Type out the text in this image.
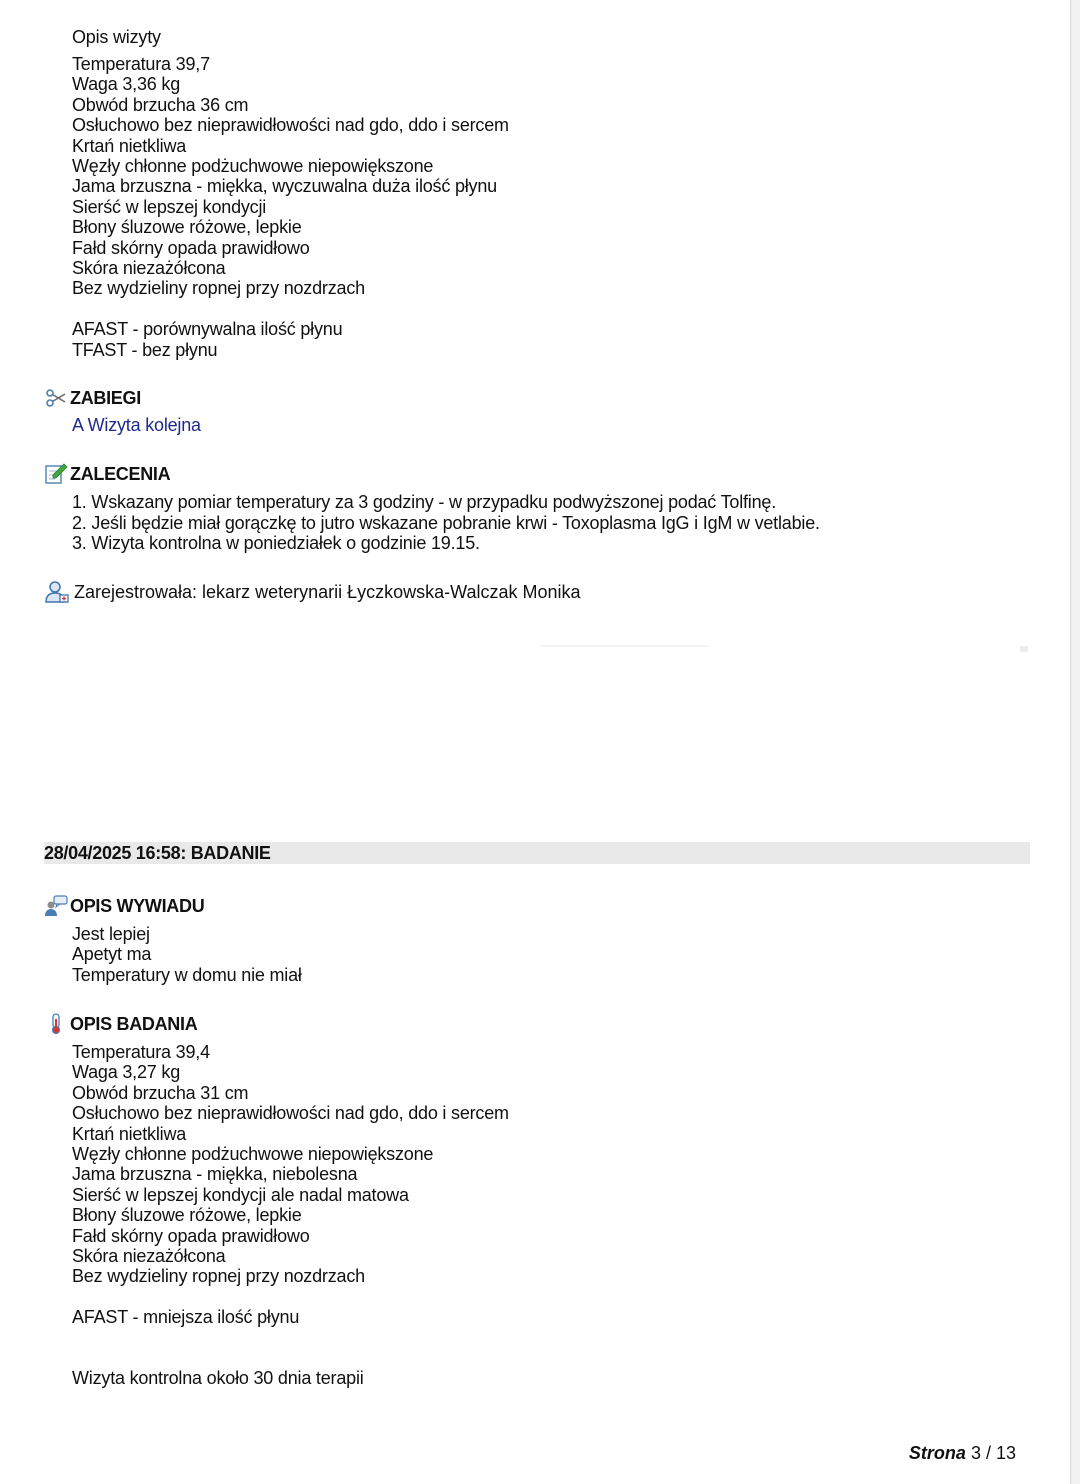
Opis wizyty
Temperatura 39,7
Waga 3,36 kg
Obwód brzucha 36 cm
Osłuchowo bez nieprawidłowości nad gdo, ddo i sercem
Krtań nietkliwa
Węzły chłonne podżuchwowe niepowiększone
Jama brzuszna - miękka, wyczuwalna duża ilość płynu
Sierść w lepszej kondycji
Błony śluzowe różowe, lepkie
Fałd skórny opada prawidłowo
Skóra niezażółcona
Bez wydzieliny ropnej przy nozdrzach
AFAST - porównywalna ilość płynu
TFAST - bez płynu
ZABIEGI
A Wizyta kolejna
ZALECENIA
1. Wskazany pomiar temperatury za 3 godziny - w przypadku podwyższonej podać Tolfinę.
2. Jeśli będzie miał gorączkę to jutro wskazane pobranie krwi - Toxoplasma IgG i IgM w vetlabie.
3. Wizyta kontrolna w poniedziałek o godzinie 19.15.
Zarejestrowała: lekarz weterynarii Łyczkowska-Walczak Monika
28/04/2025 16:58: BADANIE
OPIS WYWIADU
Jest lepiej
Apetyt ma
Temperatury w domu nie miał
OPIS BADANIA
Temperatura 39,4
Waga 3,27 kg
Obwód brzucha 31 cm
Osłuchowo bez nieprawidłowości nad gdo, ddo i sercem
Krtań nietkliwa
Węzły chłonne podżuchwowe niepowiększone
Jama brzuszna - miękka, niebolesna
Sierść w lepszej kondycji ale nadal matowa
Błony śluzowe różowe, lepkie
Fałd skórny opada prawidłowo
Skóra niezażółcona
Bez wydzieliny ropnej przy nozdrzach
AFAST - mniejsza ilość płynu
Wizyta kontrolna około 30 dnia terapii
Strona 3 / 13
